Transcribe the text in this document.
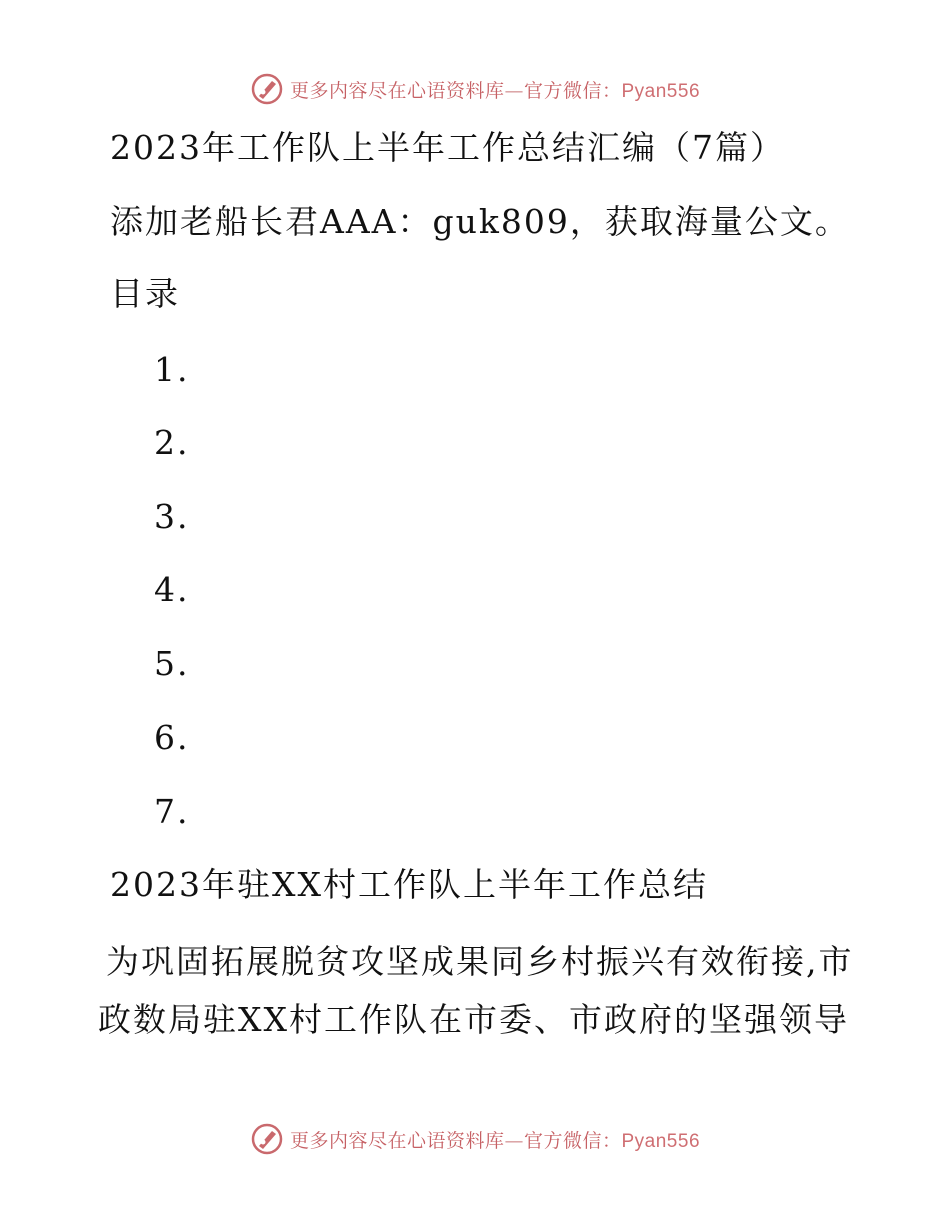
更多内容尽在心语资料库—官方微信：Pyan556
2023年工作队上半年工作总结汇编（7篇）
添加老船长君AAA：guk809，获取海量公文。
目录
1.
2.
3.
4.
5.
6.
7.
2023年驻XX村工作队上半年工作总结
为巩固拓展脱贫攻坚成果同乡村振兴有效衔接,市
政数局驻XX村工作队在市委、市政府的坚强领导
更多内容尽在心语资料库—官方微信：Pyan556
